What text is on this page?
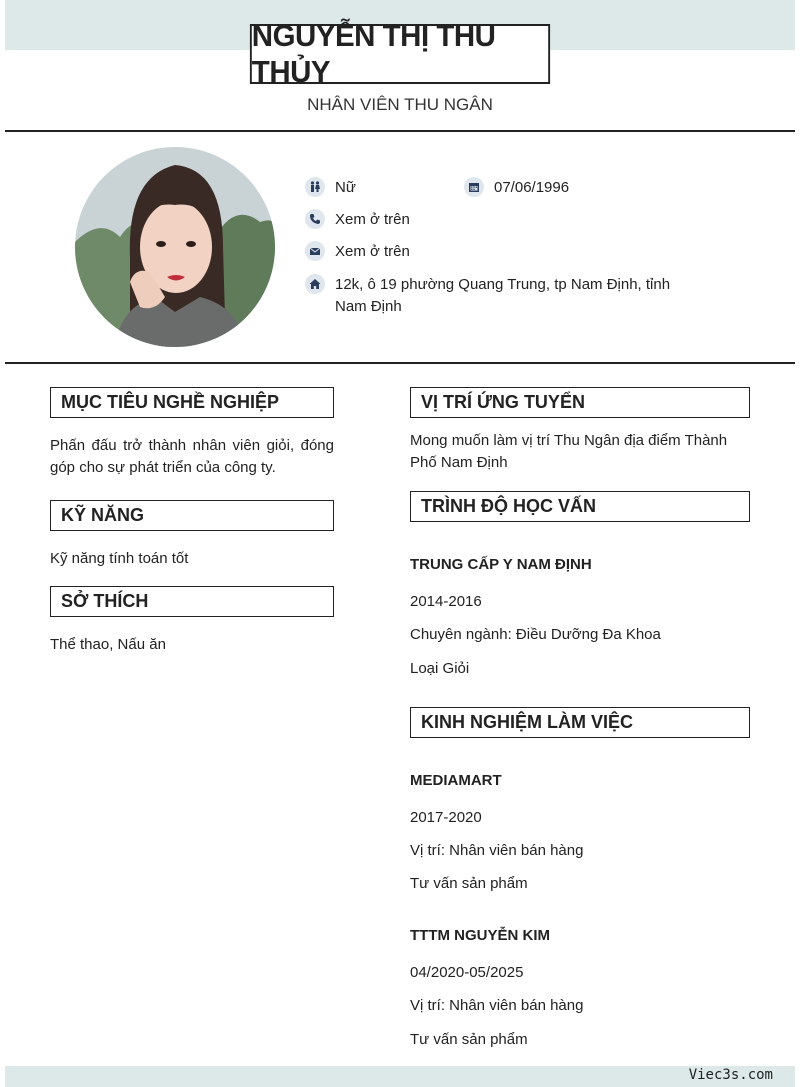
NGUYỄN THỊ THU THỦY
NHÂN VIÊN THU NGÂN
Nữ	07/06/1996
Xem ở trên
Xem ở trên
12k, ô 19 phường Quang Trung, tp Nam Định, tỉnh Nam Định
MỤC TIÊU NGHỀ NGHIỆP
Phấn đấu trở thành nhân viên giỏi, đóng góp cho sự phát triển của công ty.
KỸ NĂNG
Kỹ năng tính toán tốt
SỞ THÍCH
Thể thao, Nấu ăn
VỊ TRÍ ỨNG TUYỂN
Mong muốn làm vị trí Thu Ngân địa điểm Thành Phố Nam Định
TRÌNH ĐỘ HỌC VẤN
TRUNG CẤP Y NAM ĐỊNH
2014-2016
Chuyên ngành: Điều Dưỡng Đa Khoa
Loại Giỏi
KINH NGHIỆM LÀM VIỆC
MEDIAMART
2017-2020
Vị trí: Nhân viên bán hàng
Tư vấn sản phẩm
TTTM NGUYỄN KIM
04/2020-05/2025
Vị trí: Nhân viên bán hàng
Tư vấn sản phẩm
Viec3s.com
